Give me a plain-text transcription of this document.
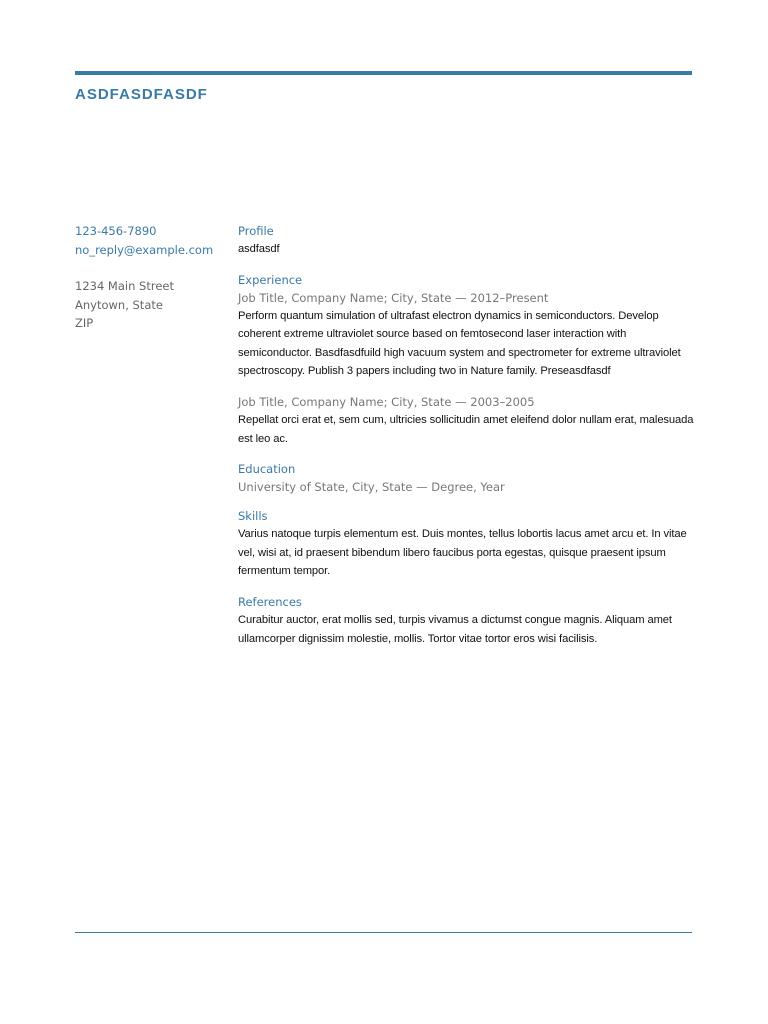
ASDFASDFASDF
123-456-7890
no_reply@example.com
1234 Main Street
Anytown, State
ZIP
Profile
asdfasdf
Experience
Job Title, Company Name; City, State — 2012–Present
Perform quantum simulation of ultrafast electron dynamics in semiconductors. Develop coherent extreme ultraviolet source based on femtosecond laser interaction with semiconductor. Basdfasdfuild high vacuum system and spectrometer for extreme ultraviolet spectroscopy. Publish 3 papers including two in Nature family. Preseasdfasdf
Job Title, Company Name; City, State — 2003–2005
Repellat orci erat et, sem cum, ultricies sollicitudin amet eleifend dolor nullam erat, malesuada est leo ac.
Education
University of State, City, State — Degree, Year
Skills
Varius natoque turpis elementum est. Duis montes, tellus lobortis lacus amet arcu et. In vitae vel, wisi at, id praesent bibendum libero faucibus porta egestas, quisque praesent ipsum fermentum tempor.
References
Curabitur auctor, erat mollis sed, turpis vivamus a dictumst congue magnis. Aliquam amet ullamcorper dignissim molestie, mollis. Tortor vitae tortor eros wisi facilisis.
